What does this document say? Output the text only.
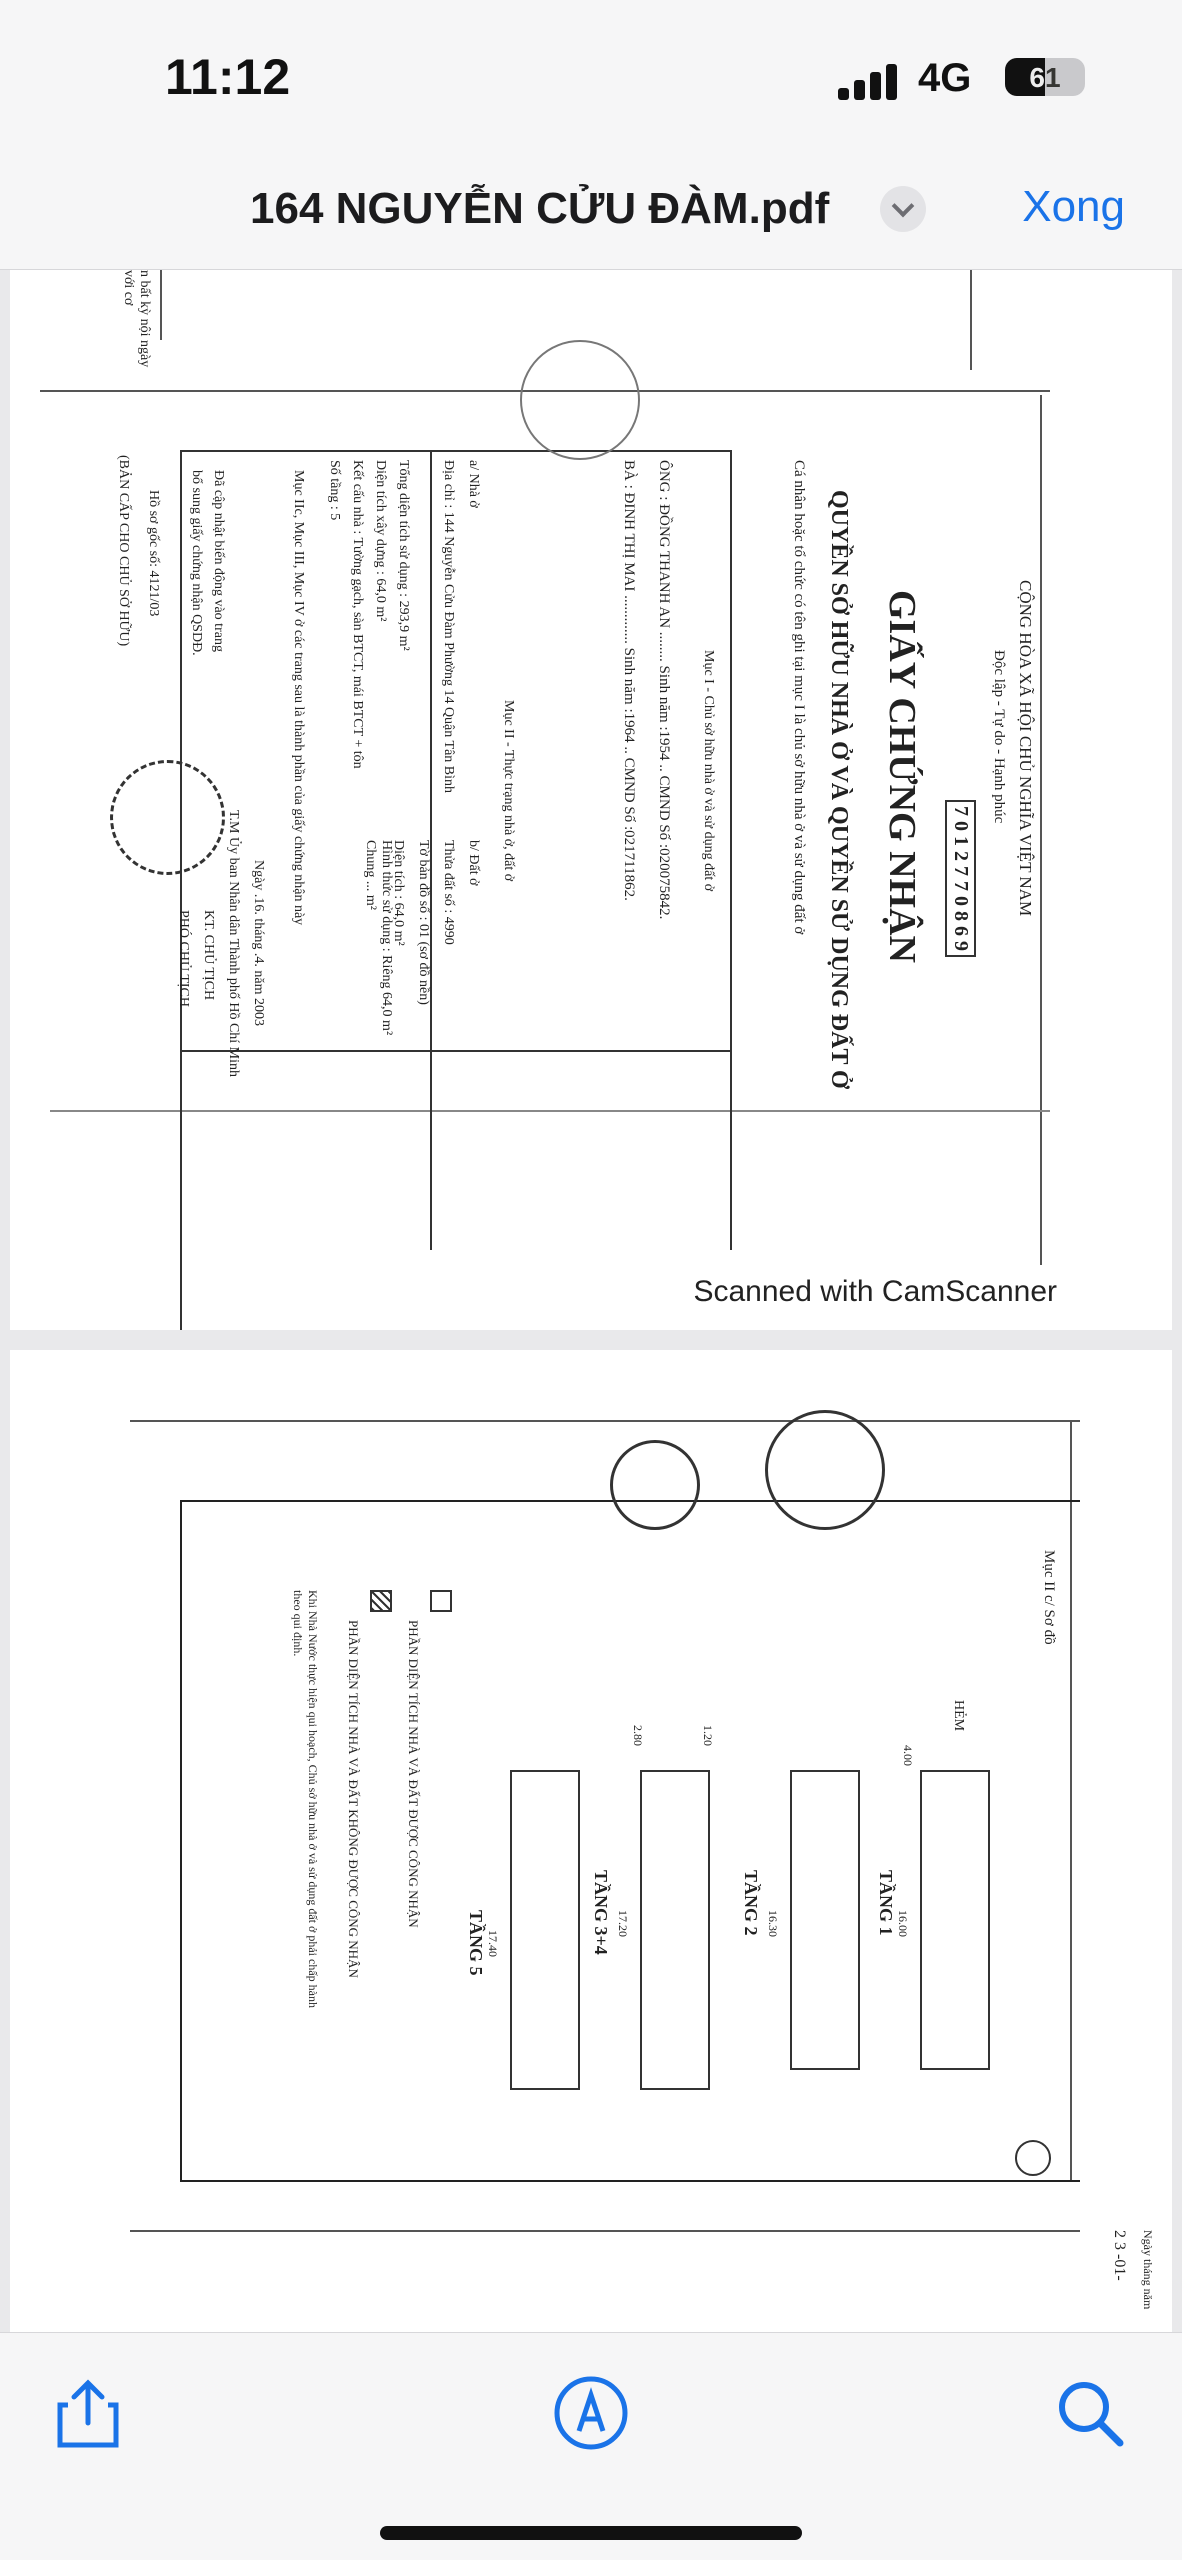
11:12	4G	61
164 NGUYỄN CỬU ĐÀM.pdf	Xong
n bất kỳ nội ngày với cơ
CỘNG HÒA XÃ HỘI CHỦ NGHĨA VIỆT NAM
Độc lập - Tự do - Hạnh phúc
7 0 1 2 7 7 0 8 6 9
GIẤY CHỨNG NHẬN
QUYỀN SỞ HỮU NHÀ Ở VÀ QUYỀN SỬ DỤNG ĐẤT Ở
Cá nhân hoặc tổ chức có tên ghi tại mục I là chủ sở hữu nhà ở và sử dụng đất ở
Mục I - Chủ sở hữu nhà ở và sử dụng đất ở
ÔNG : ĐỒNG THANH AN ........ Sinh năm :1954 .. CMND Số :020075842.
BÀ : ĐINH THỊ MAI ............. Sinh năm :1964 .. CMND Số :021711862.
Mục II - Thực trạng nhà ở, đất ở
a/ Nhà ở
Địa chỉ : 144 Nguyễn Cửu Đàm Phường 14 Quận Tân Bình
Tổng diện tích sử dụng : 293,9 m²
Diện tích xây dựng : 64,0 m²
Kết cấu nhà : Tường gạch, sàn BTCT, mái BTCT + tôn
Số tầng : 5
b/ Đất ở
Thửa đất số : 4990
Tờ bản đồ số : 01 (sơ đồ nền)
Diện tích : 64,0 m²
Hình thức sử dụng : Riêng 64,0 m² Chung ... m²
Mục IIc, Mục III, Mục IV ở các trang sau là thành phần của giấy chứng nhận này
Ngày .16. tháng .4. năm 2003
T.M Ủy ban Nhân dân Thành phố Hồ Chí Minh
KT. CHỦ TỊCH
PHÓ CHỦ TỊCH
Đã cập nhật biến động vào trang
bổ sung giấy chứng nhận QSDĐ.
Hồ sơ gốc số: 4121/03
(BẢN CẤP CHO CHỦ SỞ HỮU)
Scanned with CamScanner
Mục II c/ Sơ đồ
HẺM
TẦNG 1
TẦNG 2
TẦNG 3+4
TẦNG 5
4.00
16.00
16.30
17.20
17.40
2.80	1.20
PHẦN DIỆN TÍCH NHÀ VÀ ĐẤT ĐƯỢC CÔNG NHẬN
PHẦN DIỆN TÍCH NHÀ VÀ ĐẤT KHÔNG ĐƯỢC CÔNG NHẬN
Khi Nhà Nước thực hiện qui hoạch, Chủ sở hữu nhà ở và sử dụng đất ở phải chấp hành theo qui định.
2 3 -01- Ngày tháng năm
